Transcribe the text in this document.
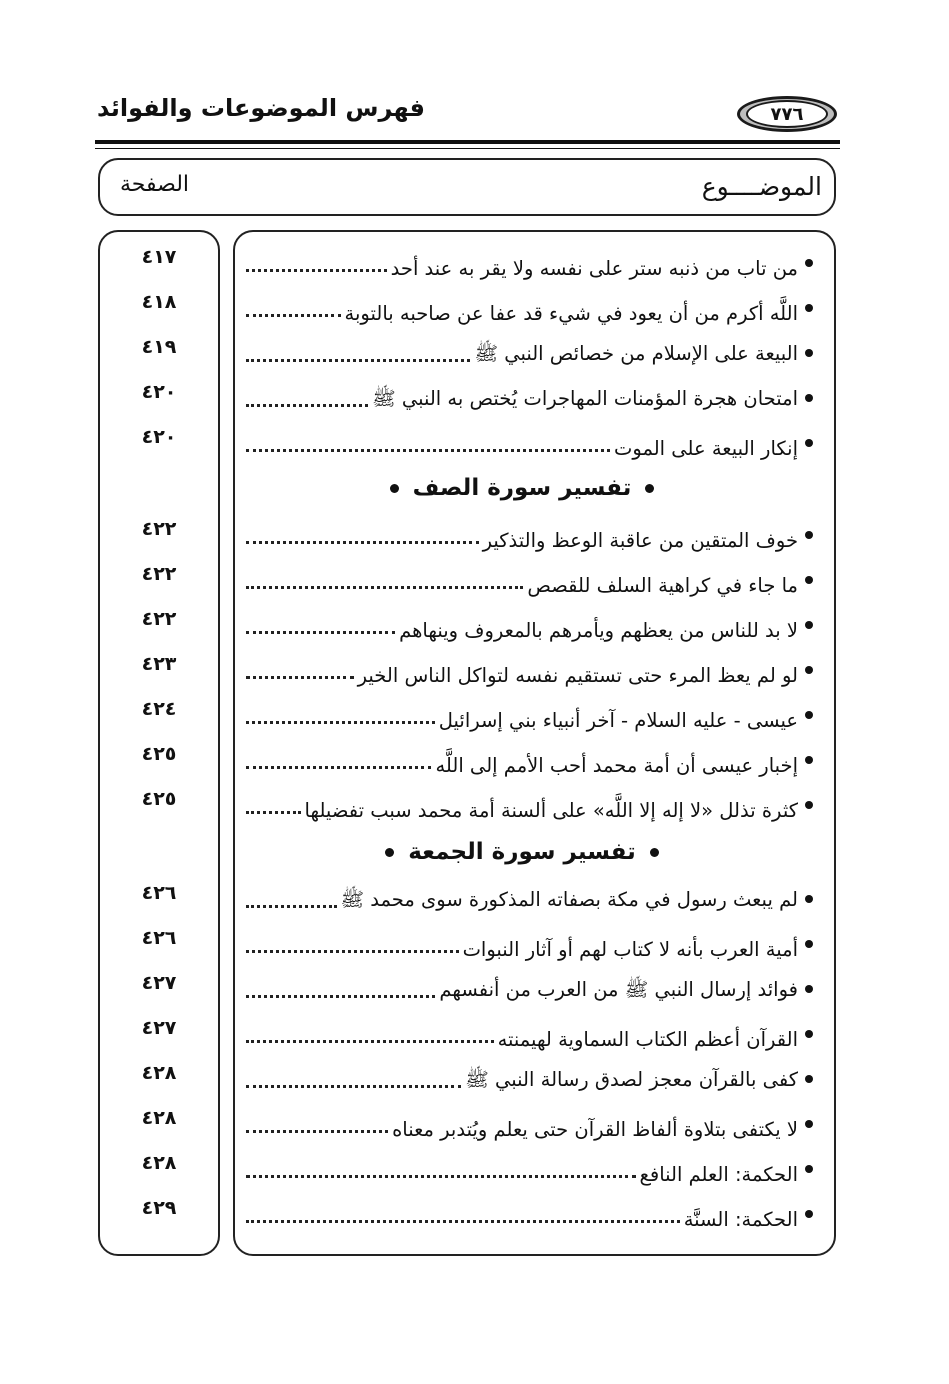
٧٧٦
فهرس الموضوعات والفوائد
الموضــــوع
الصفحة
من تاب من ذنبه ستر على نفسه ولا يقر به عند أحد
٤١٧
اللَّه أكرم من أن يعود في شيء قد عفا عن صاحبه بالتوبة
٤١٨
البيعة على الإسلام من خصائص النبي ﷺ
٤١٩
امتحان هجرة المؤمنات المهاجرات يُختص به النبي ﷺ
٤٢٠
إنكار البيعة على الموت
٤٢٠
تفسير سورة الصف
خوف المتقين من عاقبة الوعظ والتذكير
٤٢٢
ما جاء في كراهية السلف للقصص
٤٢٢
لا بد للناس من يعظهم ويأمرهم بالمعروف وينهاهم
٤٢٢
لو لم يعظ المرء حتى تستقيم نفسه لتواكل الناس الخير
٤٢٣
عيسى - عليه السلام - آخر أنبياء بني إسرائيل
٤٢٤
إخبار عيسى أن أمة محمد أحب الأمم إلى اللَّه
٤٢٥
كثرة تذلل «لا إله إلا اللَّه» على ألسنة أمة محمد سبب تفضيلها
٤٢٥
تفسير سورة الجمعة
لم يبعث رسول في مكة بصفاته المذكورة سوى محمد ﷺ
٤٢٦
أمية العرب بأنه لا كتاب لهم أو آثار النبوات
٤٢٦
فوائد إرسال النبي ﷺ من العرب من أنفسهم
٤٢٧
القرآن أعظم الكتاب السماوية لهيمنته
٤٢٧
كفى بالقرآن معجز لصدق رسالة النبي ﷺ
٤٢٨
لا يكتفى بتلاوة ألفاظ القرآن حتى يعلم ويُتدبر معناه
٤٢٨
الحكمة: العلم النافع
٤٢٨
الحكمة: السنَّة
٤٢٩
